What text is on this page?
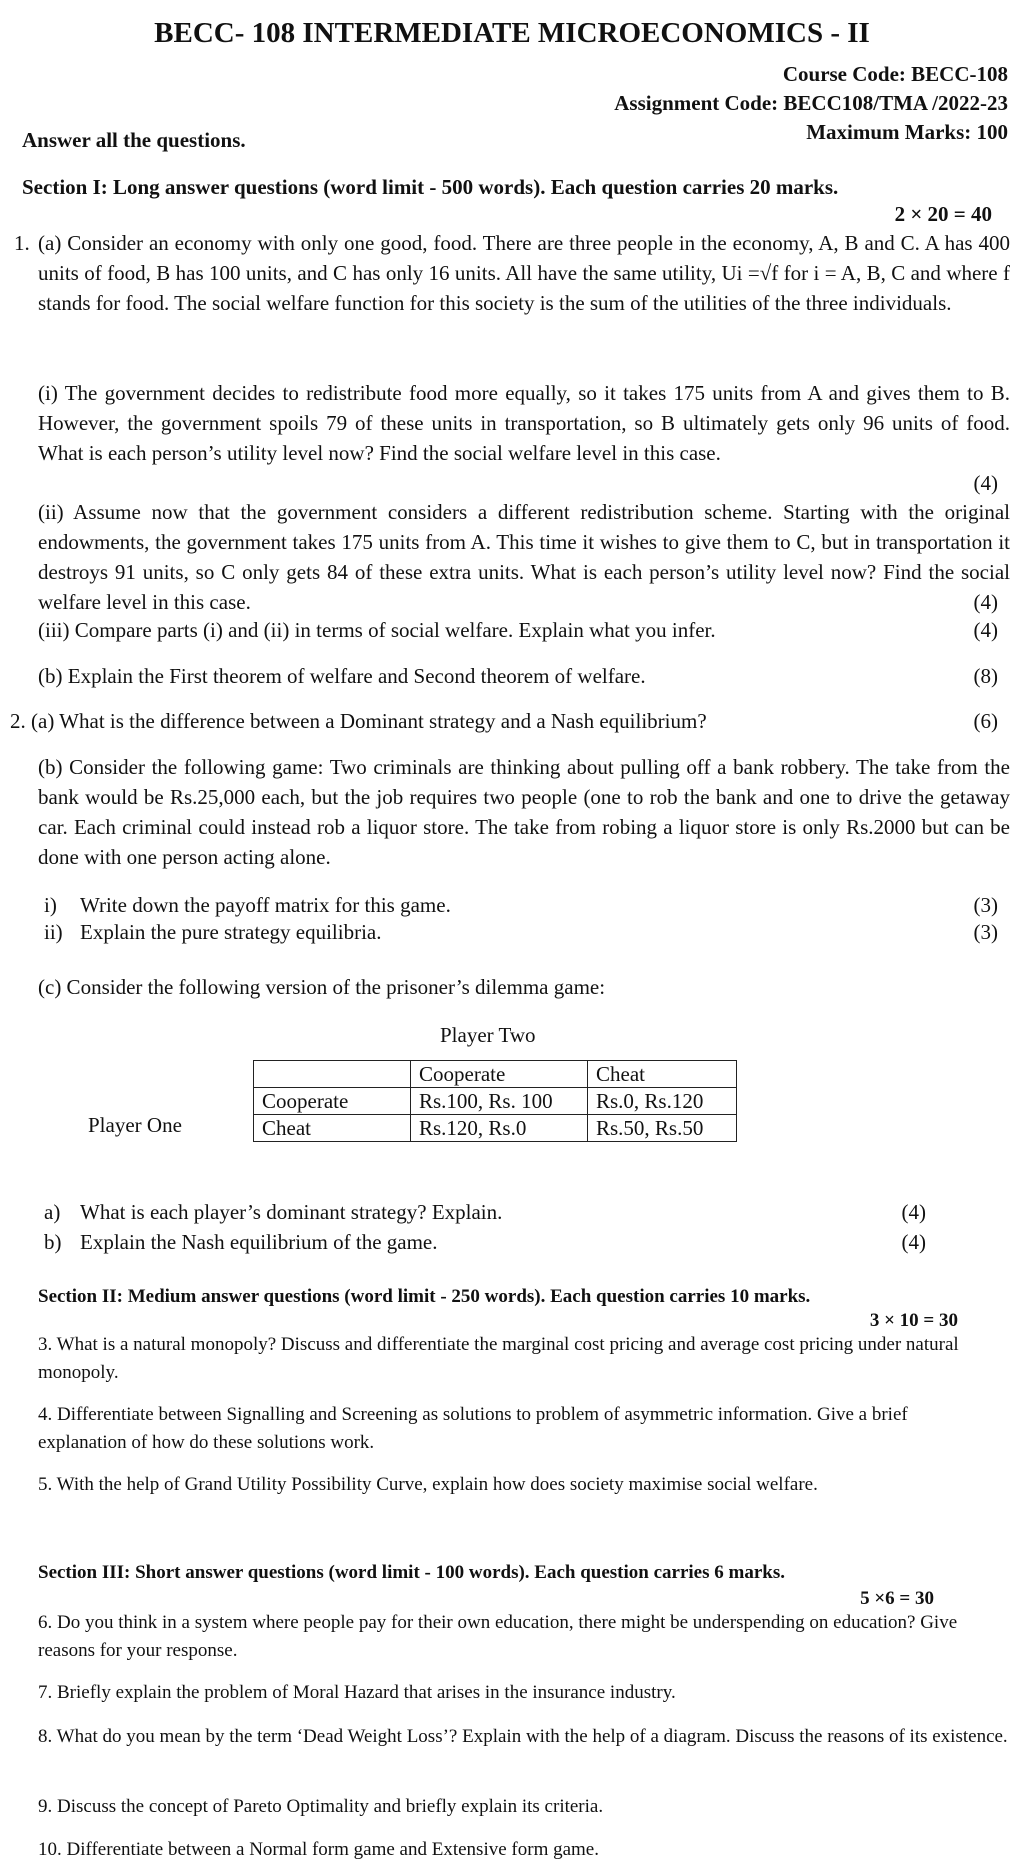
BECC- 108 INTERMEDIATE MICROECONOMICS - II
Course Code: BECC-108
Assignment Code: BECC108/TMA /2022-23
Maximum Marks: 100
Answer all the questions.
Section I: Long answer questions (word limit - 500 words). Each question carries 20 marks.
2 × 20 = 40
1. (a) Consider an economy with only one good, food. There are three people in the economy, A, B and C. A has 400 units of food, B has 100 units, and C has only 16 units. All have the same utility, Ui =√f for i = A, B, C and where f stands for food. The social welfare function for this society is the sum of the utilities of the three individuals.
(i) The government decides to redistribute food more equally, so it takes 175 units from A and gives them to B. However, the government spoils 79 of these units in transportation, so B ultimately gets only 96 units of food. What is each person’s utility level now? Find the social welfare level in this case.
(4)
(ii) Assume now that the government considers a different redistribution scheme. Starting with the original endowments, the government takes 175 units from A. This time it wishes to give them to C, but in transportation it destroys 91 units, so C only gets 84 of these extra units. What is each person’s utility level now? Find the social welfare level in this case.	(4)
(iii) Compare parts (i) and (ii) in terms of social welfare. Explain what you infer.	(4)
(b) Explain the First theorem of welfare and Second theorem of welfare.	(8)
2. (a) What is the difference between a Dominant strategy and a Nash equilibrium?	(6)
(b) Consider the following game: Two criminals are thinking about pulling off a bank robbery. The take from the bank would be Rs.25,000 each, but the job requires two people (one to rob the bank and one to drive the getaway car. Each criminal could instead rob a liquor store. The take from robing a liquor store is only Rs.2000 but can be done with one person acting alone.
i) Write down the payoff matrix for this game.	(3)
ii) Explain the pure strategy equilibria.	(3)
(c) Consider the following version of the prisoner’s dilemma game:
Player Two
Player One
	Cooperate	Cheat
Cooperate	Rs.100, Rs. 100	Rs.0, Rs.120
Cheat	Rs.120, Rs.0	Rs.50, Rs.50
a) What is each player’s dominant strategy? Explain.	(4)
b) Explain the Nash equilibrium of the game.	(4)
Section II: Medium answer questions (word limit - 250 words). Each question carries 10 marks.
3 × 10 = 30
3. What is a natural monopoly? Discuss and differentiate the marginal cost pricing and average cost pricing under natural monopoly.
4. Differentiate between Signalling and Screening as solutions to problem of asymmetric information. Give a brief explanation of how do these solutions work.
5. With the help of Grand Utility Possibility Curve, explain how does society maximise social welfare.
Section III: Short answer questions (word limit - 100 words). Each question carries 6 marks.
5 ×6 = 30
6. Do you think in a system where people pay for their own education, there might be underspending on education? Give reasons for your response.
7. Briefly explain the problem of Moral Hazard that arises in the insurance industry.
8. What do you mean by the term ‘Dead Weight Loss’? Explain with the help of a diagram. Discuss the reasons of its existence.
9. Discuss the concept of Pareto Optimality and briefly explain its criteria.
10. Differentiate between a Normal form game and Extensive form game.
